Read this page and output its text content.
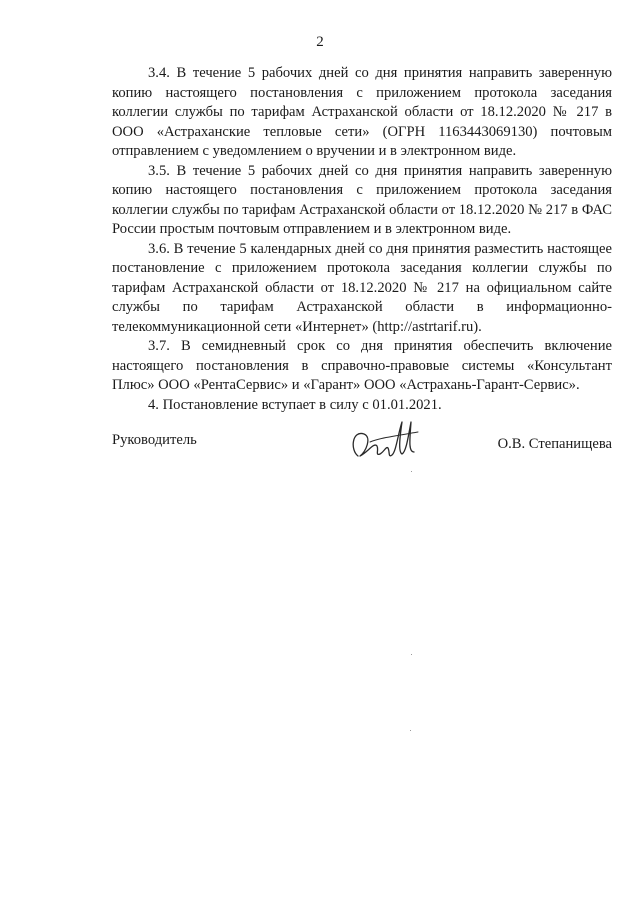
2

3.4. В течение 5 рабочих дней со дня принятия направить заверенную копию настоящего постановления с приложением протокола заседания коллегии службы по тарифам Астраханской области от 18.12.2020 № 217 в ООО «Астраханские тепловые сети» (ОГРН 1163443069130) почтовым отправлением с уведомлением о вручении и в электронном виде.

3.5. В течение 5 рабочих дней со дня принятия направить заверенную копию настоящего постановления с приложением протокола заседания коллегии службы по тарифам Астраханской области от 18.12.2020 № 217 в ФАС России простым почтовым отправлением и в электронном виде.

3.6. В течение 5 календарных дней со дня принятия разместить настоящее постановление с приложением протокола заседания коллегии службы по тарифам Астраханской области от 18.12.2020 № 217 на официальном сайте службы по тарифам Астраханской области в информационно-телекоммуникационной сети «Интернет» (http://astrtarif.ru).

3.7. В семидневный срок со дня принятия обеспечить включение настоящего постановления в справочно-правовые системы «Консультант Плюс» ООО «РентаСервис» и «Гарант» ООО «Астрахань-Гарант-Сервис».

4. Постановление вступает в силу с 01.01.2021.

Руководитель	О.В. Степанищева
